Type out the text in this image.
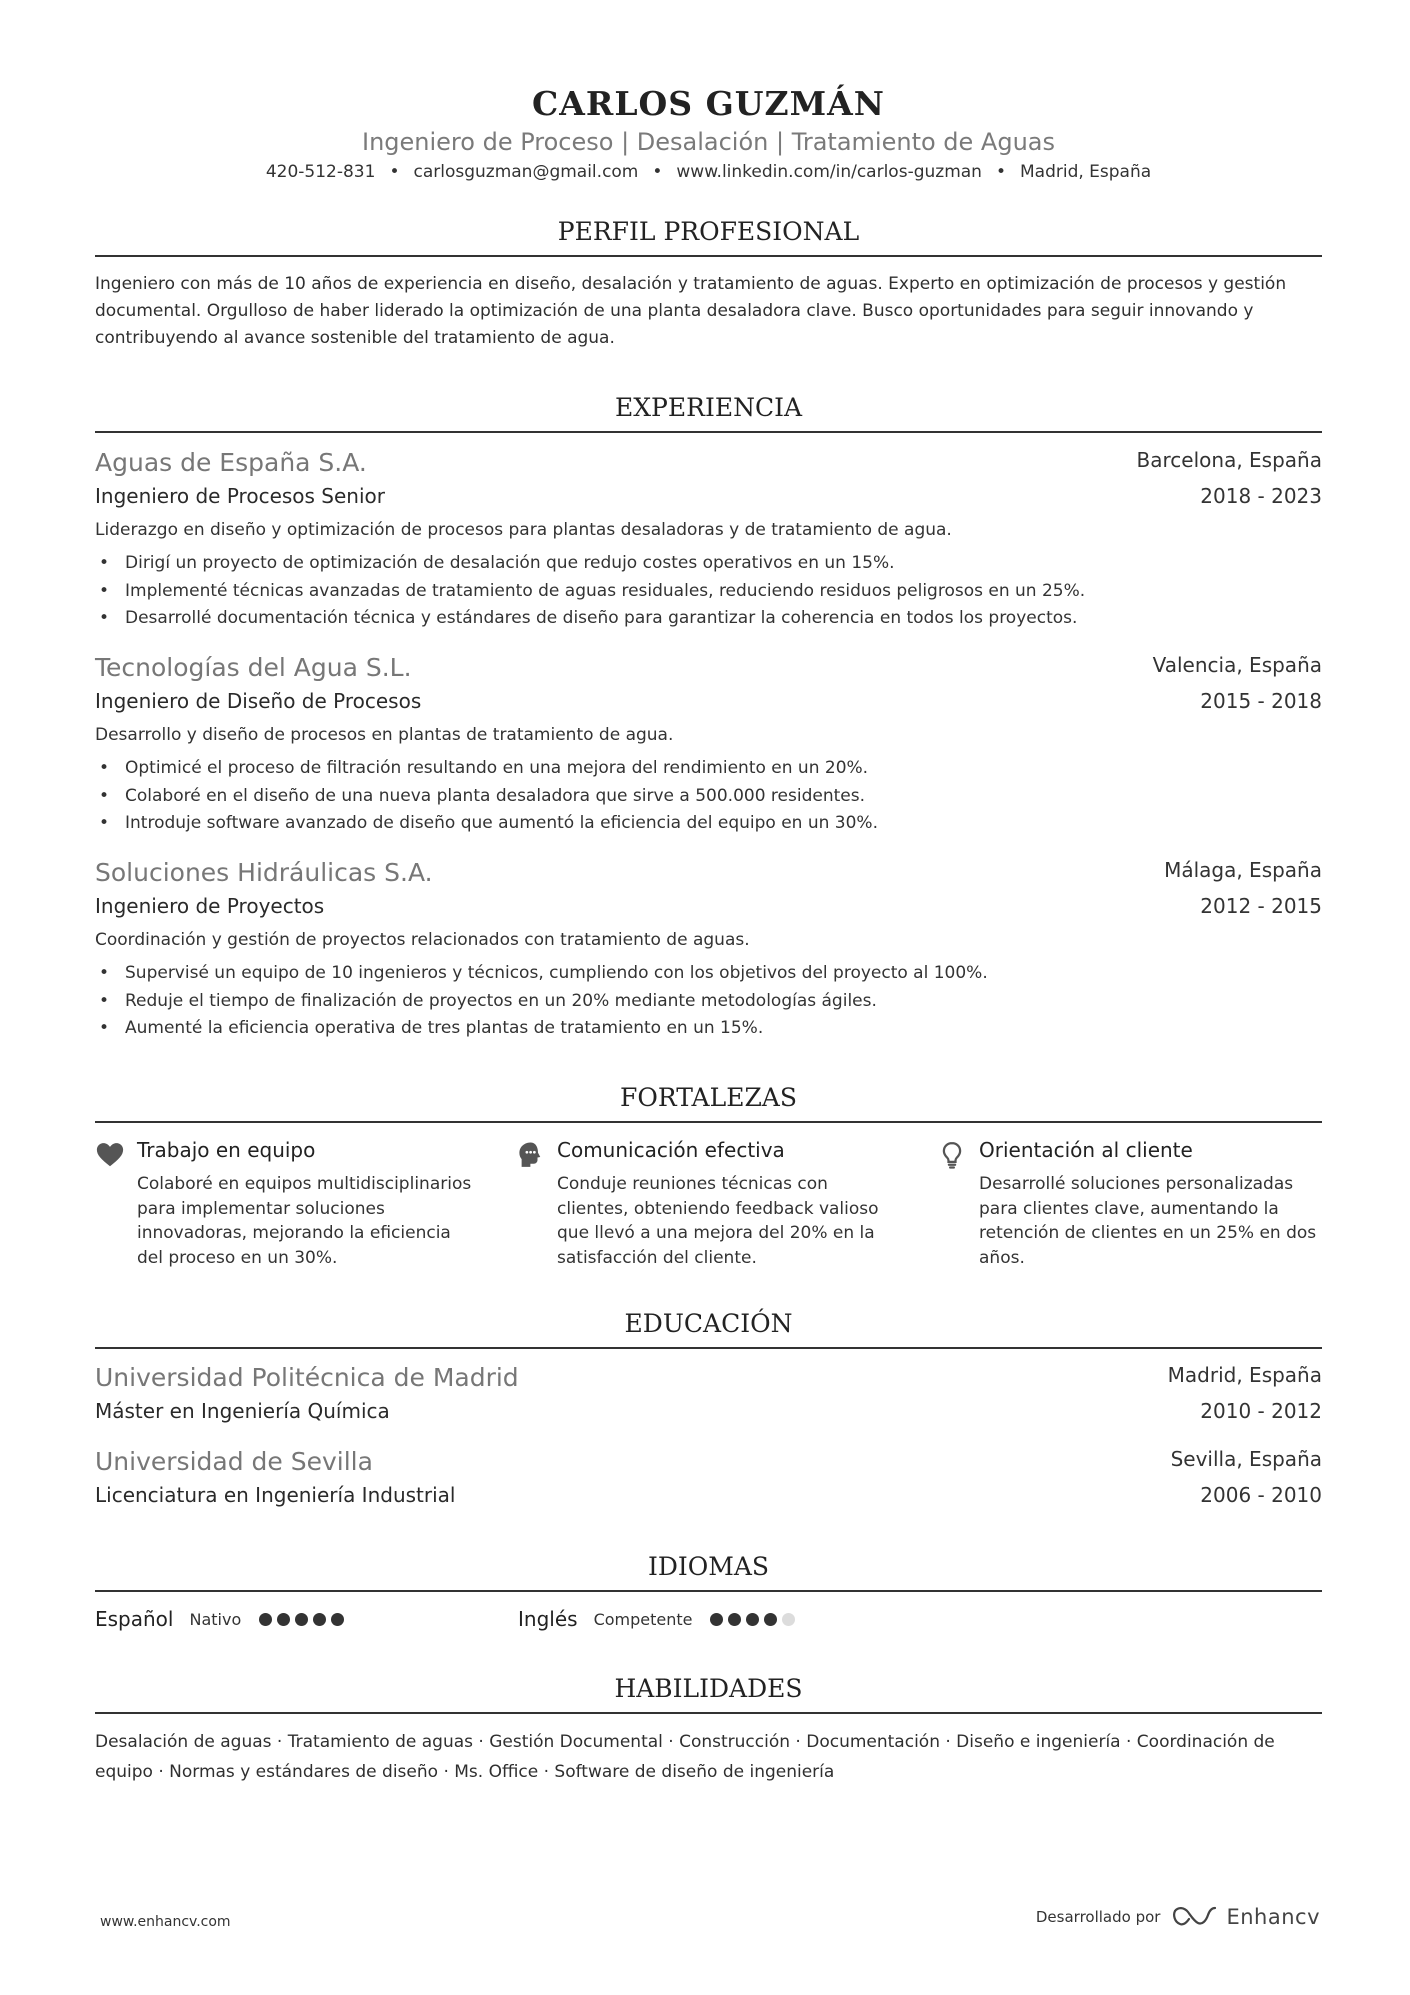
CARLOS GUZMÁN
Ingeniero de Proceso | Desalación | Tratamiento de Aguas
420-512-831 • carlosguzman@gmail.com • www.linkedin.com/in/carlos-guzman • Madrid, España
PERFIL PROFESIONAL
Ingeniero con más de 10 años de experiencia en diseño, desalación y tratamiento de aguas. Experto en optimización de procesos y gestión documental. Orgulloso de haber liderado la optimización de una planta desaladora clave. Busco oportunidades para seguir innovando y contribuyendo al avance sostenible del tratamiento de agua.
EXPERIENCIA
Aguas de España S.A.	Barcelona, España
Ingeniero de Procesos Senior	2018 - 2023
Liderazgo en diseño y optimización de procesos para plantas desaladoras y de tratamiento de agua.
• Dirigí un proyecto de optimización de desalación que redujo costes operativos en un 15%.
• Implementé técnicas avanzadas de tratamiento de aguas residuales, reduciendo residuos peligrosos en un 25%.
• Desarrollé documentación técnica y estándares de diseño para garantizar la coherencia en todos los proyectos.
Tecnologías del Agua S.L.	Valencia, España
Ingeniero de Diseño de Procesos	2015 - 2018
Desarrollo y diseño de procesos en plantas de tratamiento de agua.
• Optimicé el proceso de filtración resultando en una mejora del rendimiento en un 20%.
• Colaboré en el diseño de una nueva planta desaladora que sirve a 500.000 residentes.
• Introduje software avanzado de diseño que aumentó la eficiencia del equipo en un 30%.
Soluciones Hidráulicas S.A.	Málaga, España
Ingeniero de Proyectos	2012 - 2015
Coordinación y gestión de proyectos relacionados con tratamiento de aguas.
• Supervisé un equipo de 10 ingenieros y técnicos, cumpliendo con los objetivos del proyecto al 100%.
• Reduje el tiempo de finalización de proyectos en un 20% mediante metodologías ágiles.
• Aumenté la eficiencia operativa de tres plantas de tratamiento en un 15%.
FORTALEZAS
Trabajo en equipo
Colaboré en equipos multidisciplinarios para implementar soluciones innovadoras, mejorando la eficiencia del proceso en un 30%.
Comunicación efectiva
Conduje reuniones técnicas con clientes, obteniendo feedback valioso que llevó a una mejora del 20% en la satisfacción del cliente.
Orientación al cliente
Desarrollé soluciones personalizadas para clientes clave, aumentando la retención de clientes en un 25% en dos años.
EDUCACIÓN
Universidad Politécnica de Madrid	Madrid, España
Máster en Ingeniería Química	2010 - 2012
Universidad de Sevilla	Sevilla, España
Licenciatura en Ingeniería Industrial	2006 - 2010
IDIOMAS
Español Nativo	Inglés Competente
HABILIDADES
Desalación de aguas · Tratamiento de aguas · Gestión Documental · Construcción · Documentación · Diseño e ingeniería · Coordinación de equipo · Normas y estándares de diseño · Ms. Office · Software de diseño de ingeniería
www.enhancv.com	Desarrollado por	Enhancv
